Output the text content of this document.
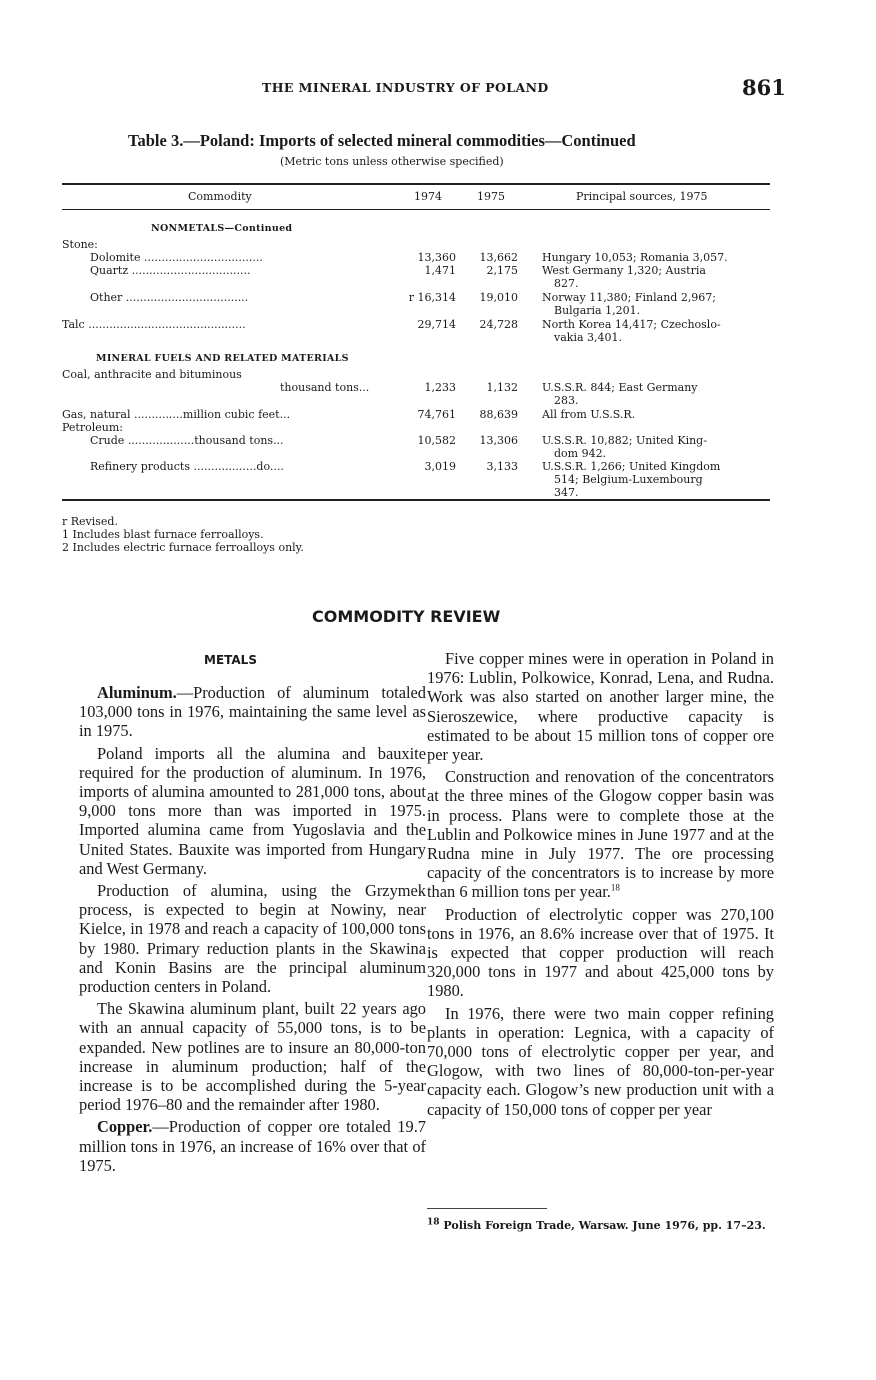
THE MINERAL INDUSTRY OF POLAND	861
Table 3.—Poland: Imports of selected mineral commodities—Continued
(Metric tons unless otherwise specified)
Commodity	1974	1975	Principal sources, 1975
NONMETALS—Continued
Stone:
Dolomite ..................................	13,360	13,662 Hungary 10,053; Romania 3,057.
Quartz ..................................	1,471	2,175 West Germany 1,320; Austria
827.
Other ...................................	r 16,314	19,010 Norway 11,380; Finland 2,967;
Bulgaria 1,201.
Talc .............................................	29,714	24,728 North Korea 14,417; Czechoslo-
vakia 3,401.
MINERAL FUELS AND RELATED MATERIALS
Coal, anthracite and bituminous
thousand tons...	1,233	1,132 U.S.S.R. 844; East Germany
283.
Gas, natural ..............million cubic feet...	74,761	88,639 All from U.S.S.R.
Petroleum:
Crude ...................thousand tons...	10,582	13,306 U.S.S.R. 10,882; United King-
dom 942.
Refinery products ..................do....	3,019	3,133 U.S.S.R. 1,266; United Kingdom
514; Belgium-Luxembourg
347.
r Revised.
1 Includes blast furnace ferroalloys.
2 Includes electric furnace ferroalloys only.
COMMODITY REVIEW
METALS

Aluminum.—Production of aluminum totaled 103,000 tons in 1976, maintaining the same level as in 1975.

Poland imports all the alumina and bauxite required for the production of aluminum. In 1976, imports of alumina amounted to 281,000 tons, about 9,000 tons more than was imported in 1975. Imported alumina came from Yugoslavia and the United States. Bauxite was imported from Hungary and West Germany.

Production of alumina, using the Grzymek process, is expected to begin at Nowiny, near Kielce, in 1978 and reach a capacity of 100,000 tons by 1980. Primary reduction plants in the Skawina and Konin Basins are the principal aluminum production centers in Poland.

The Skawina aluminum plant, built 22 years ago with an annual capacity of 55,000 tons, is to be expanded. New potlines are to insure an 80,000-ton increase in aluminum production; half of the increase is to be accomplished during the 5-year period 1976–80 and the remainder after 1980.

Copper.—Production of copper ore totaled 19.7 million tons in 1976, an increase of 16% over that of 1975.

Five copper mines were in operation in Poland in 1976: Lublin, Polkowice, Konrad, Lena, and Rudna. Work was also started on another larger mine, the Sieroszewice, where productive capacity is estimated to be about 15 million tons of copper ore per year.

Construction and renovation of the concentrators at the three mines of the Glogow copper basin was in process. Plans were to complete those at the Lublin and Polkowice mines in June 1977 and at the Rudna mine in July 1977. The ore processing capacity of the concentrators is to increase by more than 6 million tons per year.$^{18}$

Production of electrolytic copper was 270,100 tons in 1976, an 8.6% increase over that of 1975. It is expected that copper production will reach 320,000 tons in 1977 and about 425,000 tons by 1980.

In 1976, there were two main copper refining plants in operation: Legnica, with a capacity of 70,000 tons of electrolytic copper per year, and Glogow, with two lines of 80,000-ton-per-year capacity each. Glogow’s new production unit with a capacity of 150,000 tons of copper per year

$^{18}$ Polish Foreign Trade, Warsaw. June 1976, pp. 17–23.
